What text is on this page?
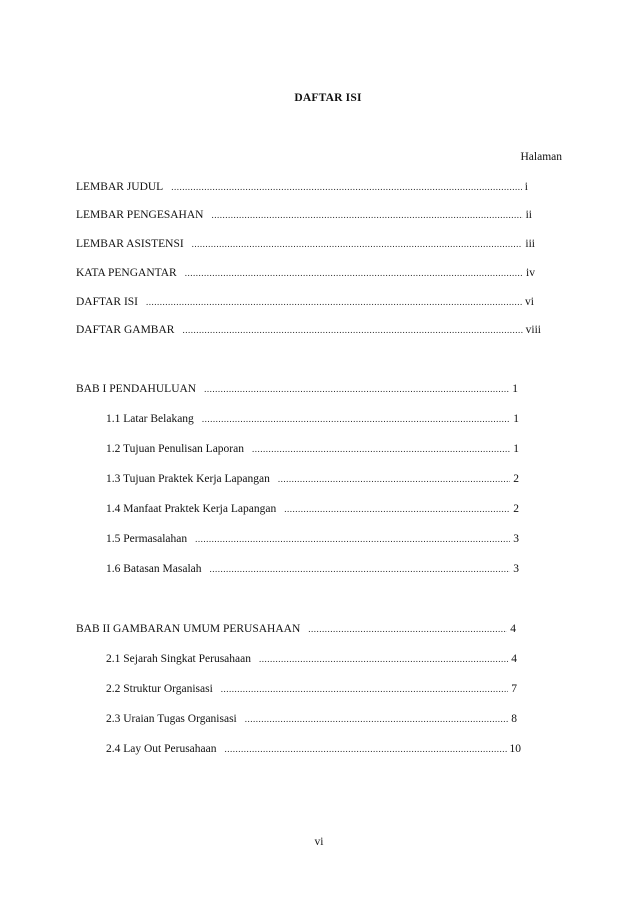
DAFTAR ISI
Halaman
LEMBAR JUDUL .....	i
LEMBAR PENGESAHAN .....	ii
LEMBAR ASISTENSI .....	iii
KATA PENGANTAR .....	iv
DAFTAR ISI .....	vi
DAFTAR GAMBAR .....	viii
BAB I PENDAHULUAN .....	1
1.1 Latar Belakang .....	1
1.2 Tujuan Penulisan Laporan .....	1
1.3 Tujuan Praktek Kerja Lapangan .....	2
1.4 Manfaat Praktek Kerja Lapangan .....	2
1.5 Permasalahan .....	3
1.6 Batasan Masalah .....	3
BAB II GAMBARAN UMUM PERUSAHAAN .....	4
2.1 Sejarah Singkat Perusahaan .....	4
2.2 Struktur Organisasi .....	7
2.3 Uraian Tugas Organisasi .....	8
2.4 Lay Out Perusahaan .....	10
vi
